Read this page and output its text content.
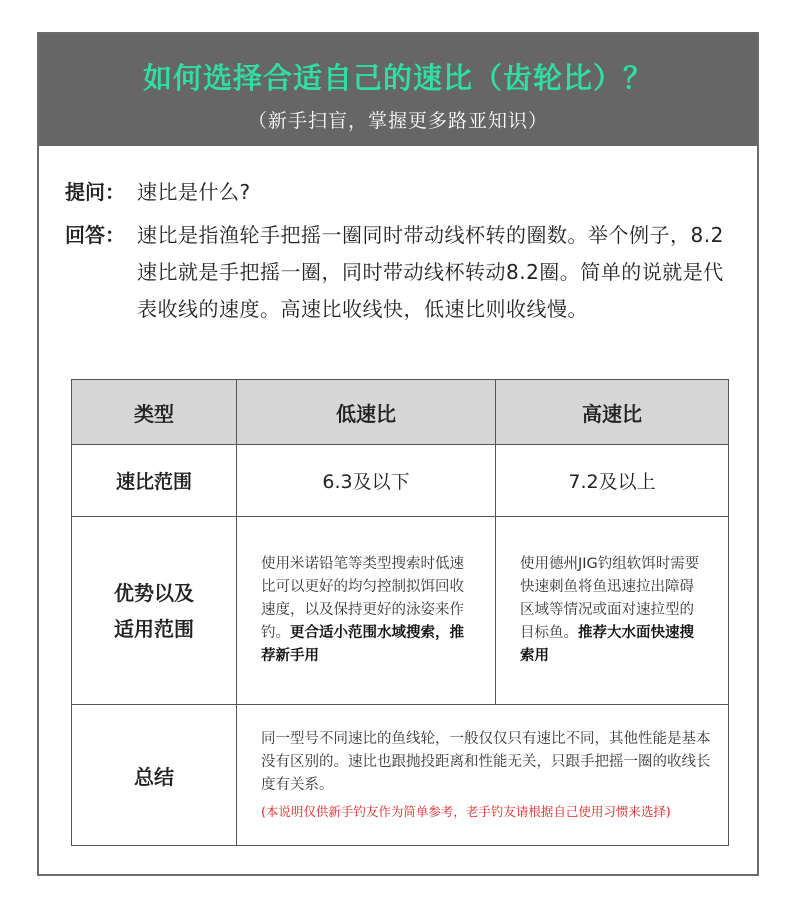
如何选择合适自己的速比（齿轮比）？
（新手扫盲，掌握更多路亚知识）
提问： 速比是什么?
回答： 速比是指渔轮手把摇一圈同时带动线杯转的圈数。举个例子，8.2速比就是手把摇一圈，同时带动线杯转动8.2圈。简单的说就是代表收线的速度。高速比收线快，低速比则收线慢。
类型	低速比	高速比
速比范围	6.3及以下	7.2及以上

优势以及
适用范围	使用米诺铅笔等类型搜索时低速比可以更好的均匀控制拟饵回收速度，以及保持更好的泳姿来作钓。更合适小范围水域搜索，推荐新手用	使用德州JIG钓组软饵时需要快速刺鱼将鱼迅速拉出障碍区域等情况或面对速拉型的目标鱼。推荐大水面快速搜索用

总结	同一型号不同速比的鱼线轮，一般仅仅只有速比不同，其他性能是基本没有区别的。速比也跟抛投距离和性能无关，只跟手把摇一圈的收线长度有关系。
(本说明仅供新手钓友作为简单参考，老手钓友请根据自己使用习惯来选择)	
